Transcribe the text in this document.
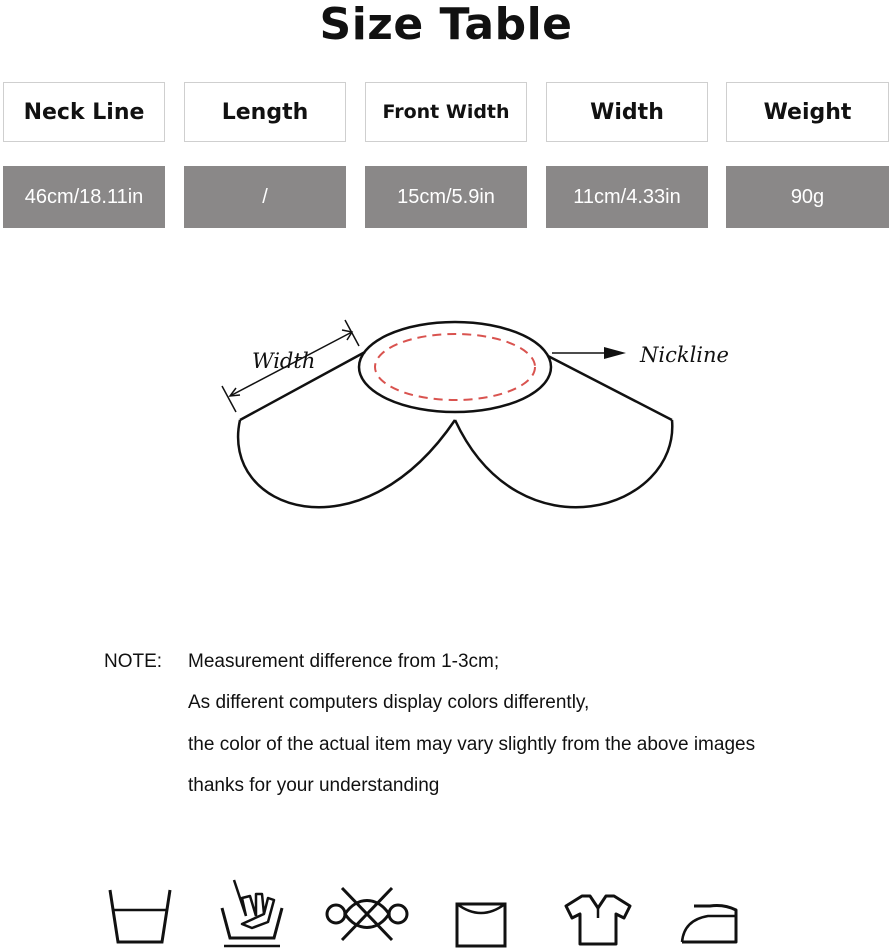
Size Table
Neck Line	Length	Front Width	Width	Weight
46cm/18.11in	/	15cm/5.9in	11cm/4.33in	90g
Width	Nickline
NOTE: Measurement difference from 1-3cm;
As different computers display colors differently,
the color of the actual item may vary slightly from the above images
thanks for your understanding
